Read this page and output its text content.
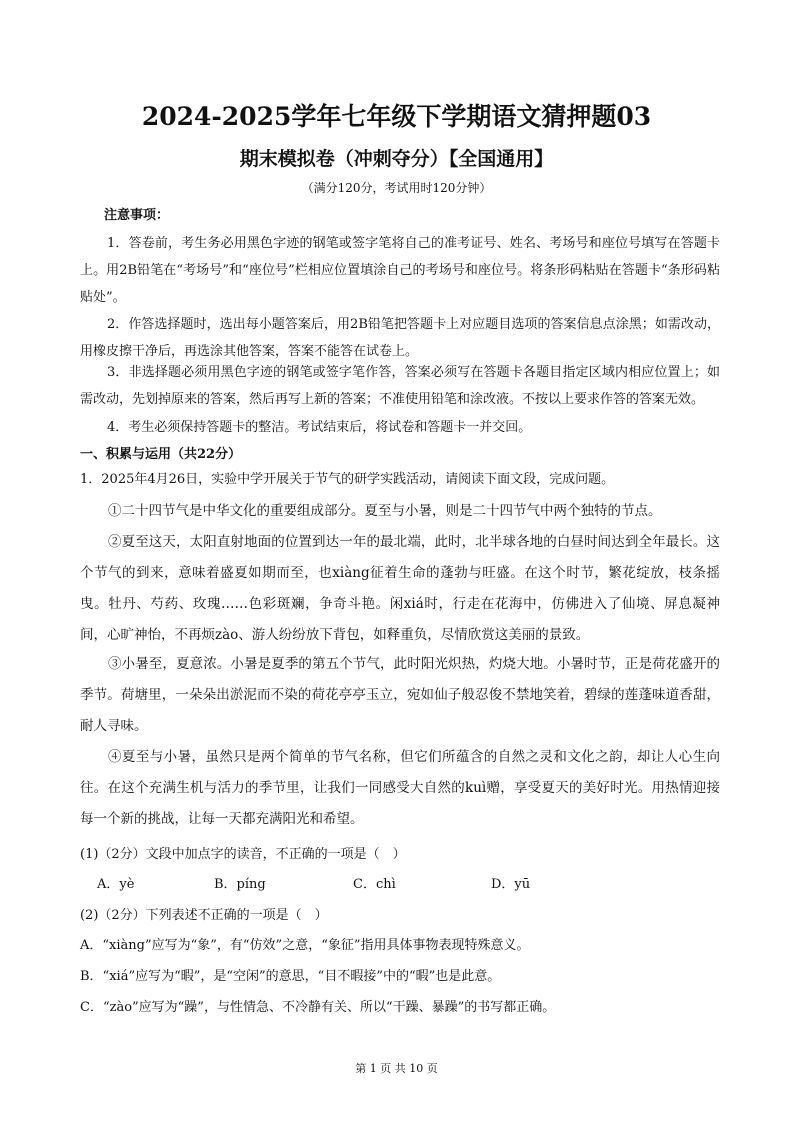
2024-2025学年七年级下学期语文猜押题03
期末模拟卷（冲刺夺分）【全国通用】
（满分120分，考试用时120分钟）
注意事项：
1．答卷前，考生务必用黑色字迹的钢笔或签字笔将自己的准考证号、姓名、考场号和座位号填写在答题卡上。用2B铅笔在“考场号”和“座位号”栏相应位置填涂自己的考场号和座位号。将条形码粘贴在答题卡“条形码粘贴处”。
2．作答选择题时，选出每小题答案后，用2B铅笔把答题卡上对应题目选项的答案信息点涂黑；如需改动，用橡皮擦干净后，再选涂其他答案，答案不能答在试卷上。
3．非选择题必须用黑色字迹的钢笔或签字笔作答，答案必须写在答题卡各题目指定区域内相应位置上；如需改动，先划掉原来的答案，然后再写上新的答案；不准使用铅笔和涂改液。不按以上要求作答的答案无效。
4．考生必须保持答题卡的整洁。考试结束后，将试卷和答题卡一并交回。
一、积累与运用（共22分）
1．2025年4月26日，实验中学开展关于节气的研学实践活动，请阅读下面文段，完成问题。
①二十四节气是中华文化的重要组成部分。夏至与小暑，则是二十四节气中两个独特的节点。
②夏至这天，太阳直射地面的位置到达一年的最北端，此时，北半球各地的白昼时间达到全年最长。这个节气的到来，意味着盛夏如期而至，也xiàng征着生命的蓬勃与旺盛。在这个时节，繁花绽放，枝条摇曳。牡丹、芍药、玫瑰……色彩斑斓，争奇斗艳。闲xiá时，行走在花海中，仿佛进入了仙境、屏息凝神间，心旷神怡，不再烦zào、游人纷纷放下背包，如释重负，尽情欣赏这美丽的景致。
③小暑至，夏意浓。小暑是夏季的第五个节气，此时阳光炽热，灼烧大地。小暑时节，正是荷花盛开的季节。荷塘里，一朵朵出淤泥而不染的荷花亭亭玉立，宛如仙子般忍俊不禁地笑着，碧绿的莲蓬味道香甜，耐人寻味。
④夏至与小暑，虽然只是两个简单的节气名称，但它们所蕴含的自然之灵和文化之韵，却让人心生向往。在这个充满生机与活力的季节里，让我们一同感受大自然的kuì赠，享受夏天的美好时光。用热情迎接每一个新的挑战，让每一天都充满阳光和希望。
(1)（2分）文段中加点字的读音，不正确的一项是（　）
A．yè	B．píng	C．chì	D．yū
(2)（2分）下列表述不正确的一项是（　）
A．“xiàng”应写为“象”，有“仿效”之意，“象征”指用具体事物表现特殊意义。
B．“xiá”应写为“暇”，是“空闲”的意思，“目不暇接”中的“暇”也是此意。
C．“zào”应写为“躁”，与性情急、不冷静有关、所以“干躁、暴躁”的书写都正确。
第 1 页 共 10 页
